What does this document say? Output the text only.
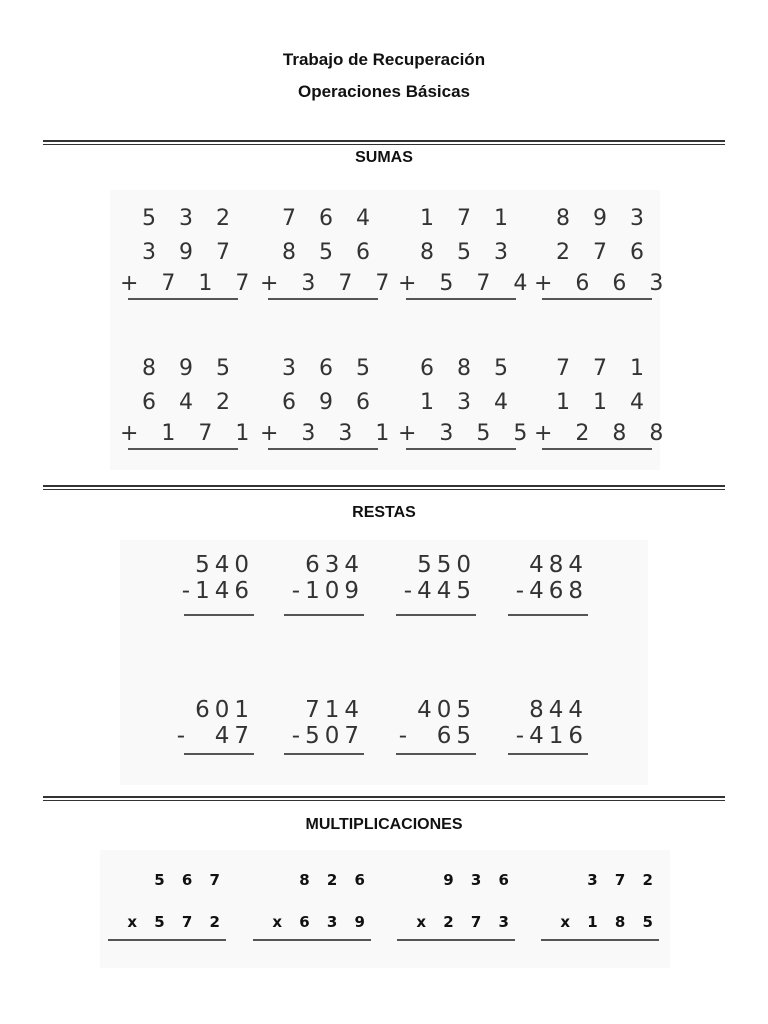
Trabajo de Recuperación
Operaciones Básicas
SUMAS
5 3 2
3 9 7
+ 7 1 7
7 6 4
8 5 6
+ 3 7 7
1 7 1
8 5 3
+ 5 7 4
8 9 3
2 7 6
+ 6 6 3
8 9 5
6 4 2
+ 1 7 1
3 6 5
6 9 6
+ 3 3 1
6 8 5
1 3 4
+ 3 5 5
7 7 1
1 1 4
+ 2 8 8
RESTAS
540
-146
634
-109
550
-445
484
-468
601
-  47
714
-507
405
-  65
844
-416
MULTIPLICACIONES
5 6 7
x 5 7 2
8 2 6
x 6 3 9
9 3 6
x 2 7 3
3 7 2
x 1 8 5
